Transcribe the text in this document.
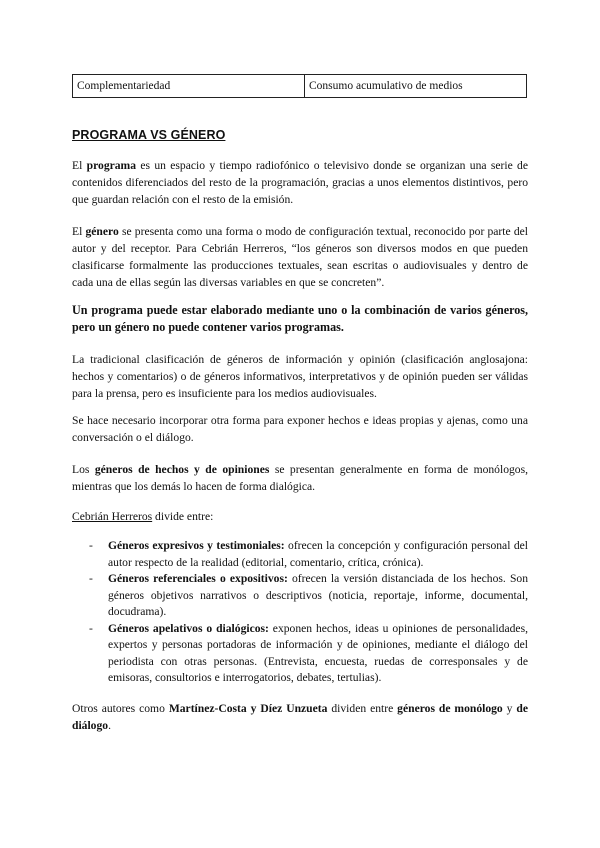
Complementariedad	Consumo acumulativo de medios
PROGRAMA VS GÉNERO

El programa es un espacio y tiempo radiofónico o televisivo donde se organizan una serie de contenidos diferenciados del resto de la programación, gracias a unos elementos distintivos, pero que guardan relación con el resto de la emisión.

El género se presenta como una forma o modo de configuración textual, reconocido por parte del autor y del receptor. Para Cebrián Herreros, “los géneros son diversos modos en que pueden clasificarse formalmente las producciones textuales, sean escritas o audiovisuales y dentro de cada una de ellas según las diversas variables en que se concreten”.

Un programa puede estar elaborado mediante uno o la combinación de varios géneros, pero un género no puede contener varios programas.

La tradicional clasificación de géneros de información y opinión (clasificación anglosajona: hechos y comentarios) o de géneros informativos, interpretativos y de opinión pueden ser válidas para la prensa, pero es insuficiente para los medios audiovisuales.

Se hace necesario incorporar otra forma para exponer hechos e ideas propias y ajenas, como una conversación o el diálogo.

Los géneros de hechos y de opiniones se presentan generalmente en forma de monólogos, mientras que los demás lo hacen de forma dialógica.

Cebrián Herreros divide entre:

- Géneros expresivos y testimoniales: ofrecen la concepción y configuración personal del autor respecto de la realidad (editorial, comentario, crítica, crónica).
- Géneros referenciales o expositivos: ofrecen la versión distanciada de los hechos. Son géneros objetivos narrativos o descriptivos (noticia, reportaje, informe, documental, docudrama).
- Géneros apelativos o dialógicos: exponen hechos, ideas u opiniones de personalidades, expertos y personas portadoras de información y de opiniones, mediante el diálogo del periodista con otras personas. (Entrevista, encuesta, ruedas de corresponsales y de emisoras, consultorios e interrogatorios, debates, tertulias).

Otros autores como Martínez-Costa y Díez Unzueta dividen entre géneros de monólogo y de diálogo.
